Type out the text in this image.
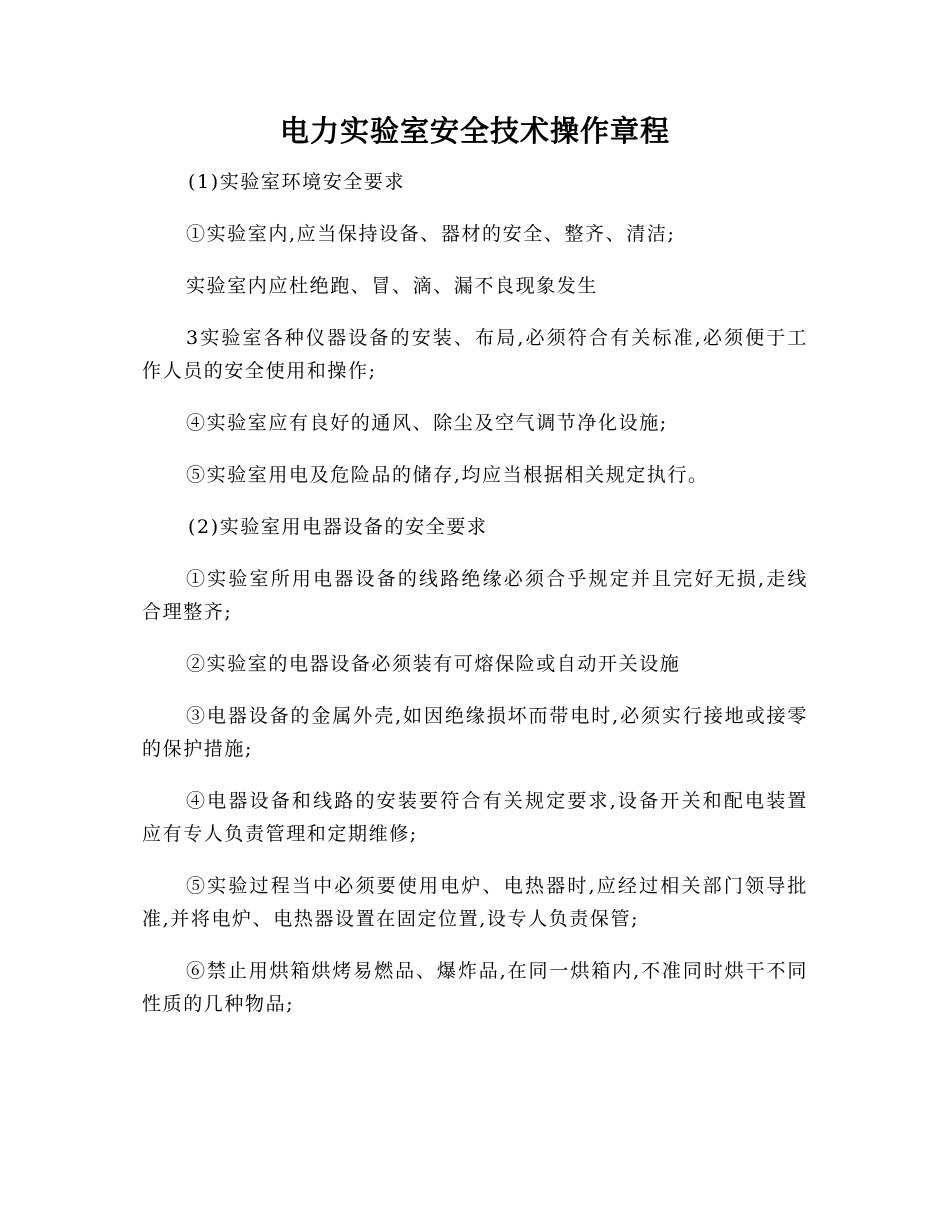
电力实验室安全技术操作章程

(1)实验室环境安全要求

①实验室内,应当保持设备、器材的安全、整齐、清洁;

实验室内应杜绝跑、冒、滴、漏不良现象发生

3实验室各种仪器设备的安装、布局,必须符合有关标准,必须便于工作人员的安全使用和操作;

④实验室应有良好的通风、除尘及空气调节净化设施;

⑤实验室用电及危险品的储存,均应当根据相关规定执行。

(2)实验室用电器设备的安全要求

①实验室所用电器设备的线路绝缘必须合乎规定并且完好无损,走线合理整齐;

②实验室的电器设备必须装有可熔保险或自动开关设施

③电器设备的金属外壳,如因绝缘损坏而带电时,必须实行接地或接零的保护措施;

④电器设备和线路的安装要符合有关规定要求,设备开关和配电装置应有专人负责管理和定期维修;

⑤实验过程当中必须要使用电炉、电热器时,应经过相关部门领导批准,并将电炉、电热器设置在固定位置,设专人负责保管;

⑥禁止用烘箱烘烤易燃品、爆炸品,在同一烘箱内,不准同时烘干不同性质的几种物品;
